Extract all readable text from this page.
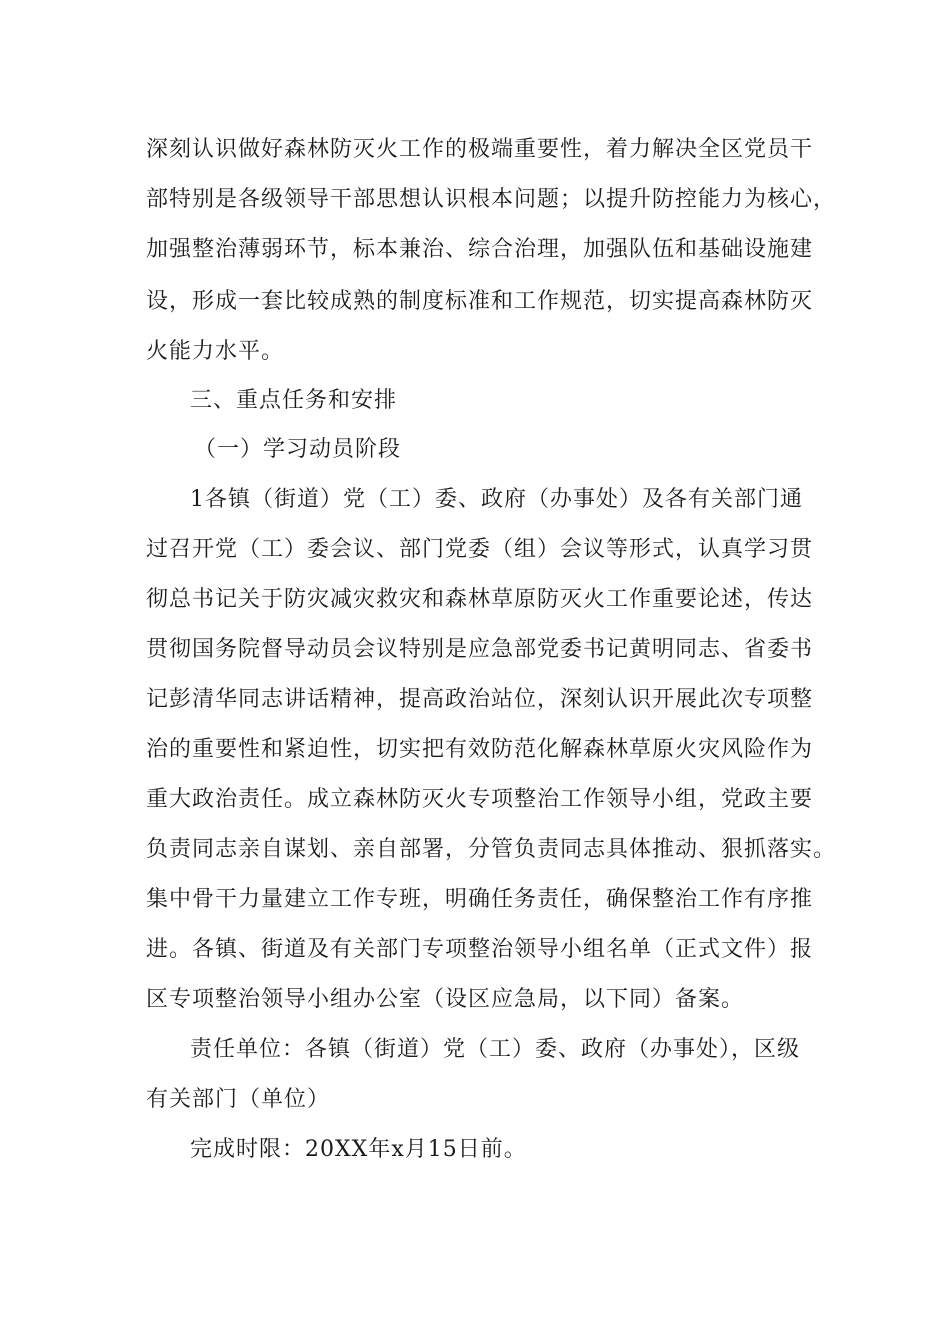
深刻认识做好森林防灭火工作的极端重要性，着力解决全区党员干
部特别是各级领导干部思想认识根本问题；以提升防控能力为核心，
加强整治薄弱环节，标本兼治、综合治理，加强队伍和基础设施建
设，形成一套比较成熟的制度标准和工作规范，切实提高森林防灭
火能力水平。
三、重点任务和安排
（一）学习动员阶段
1各镇（街道）党（工）委、政府（办事处）及各有关部门通
过召开党（工）委会议、部门党委（组）会议等形式，认真学习贯
彻总书记关于防灾减灾救灾和森林草原防灭火工作重要论述，传达
贯彻国务院督导动员会议特别是应急部党委书记黄明同志、省委书
记彭清华同志讲话精神，提高政治站位，深刻认识开展此次专项整
治的重要性和紧迫性，切实把有效防范化解森林草原火灾风险作为
重大政治责任。成立森林防灭火专项整治工作领导小组，党政主要
负责同志亲自谋划、亲自部署，分管负责同志具体推动、狠抓落实。
集中骨干力量建立工作专班，明确任务责任，确保整治工作有序推
进。各镇、街道及有关部门专项整治领导小组名单（正式文件）报
区专项整治领导小组办公室（设区应急局，以下同）备案。
责任单位：各镇（街道）党（工）委、政府（办事处），区级
有关部门（单位）
完成时限：20XX年x月15日前。
